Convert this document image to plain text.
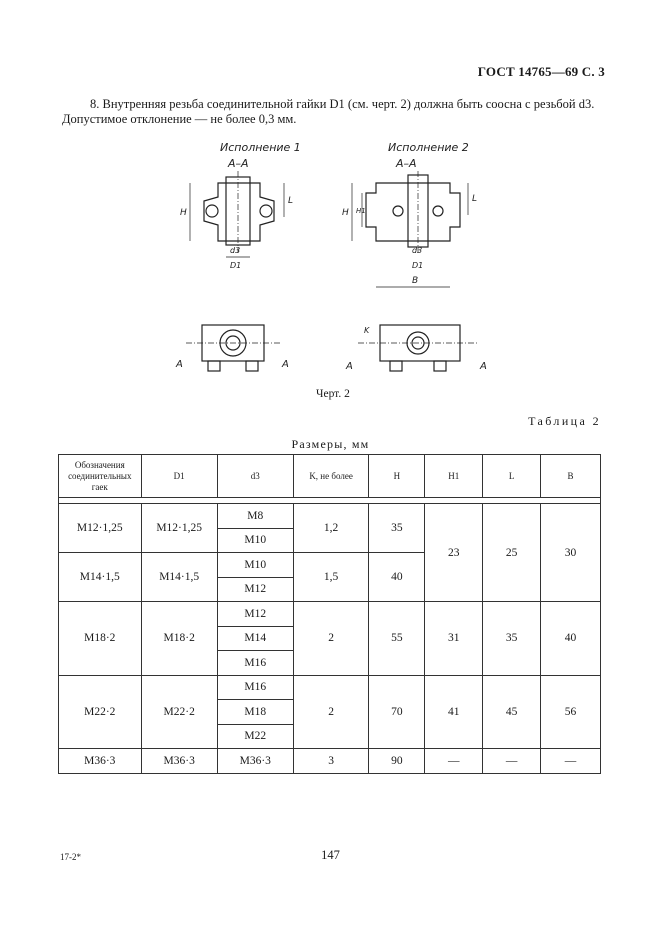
ГОСТ 14765—69 С. 3

8. Внутренняя резьба соединительной гайки D1 (см. черт. 2) должна быть соосна с резьбой d3. Допустимое отклонение — не более 0,3 мм.

Исполнение 1
А–А
H
L
d3
D1
Исполнение 2
А–А
H H1
L
d3
D1
B
A	A
K
A	A
Черт. 2
Таблица 2
Размеры, мм
Обозначения соединительных гаек	D1	d3	K, не более	H	H1	L	B

М12·1,25	М12·1,25	М8	1,2	35	23	25	30
		М10					
М14·1,5	М14·1,5	М10	1,5	40			
		М12					
М18·2	М18·2	М12	2	55	31	35	40
		М14					
		М16					
М22·2	М22·2	М16	2	70	41	45	56
		М18					
		М22					
М36·3	М36·3	М36·3	3	90	—	—	—
17-2*	147
